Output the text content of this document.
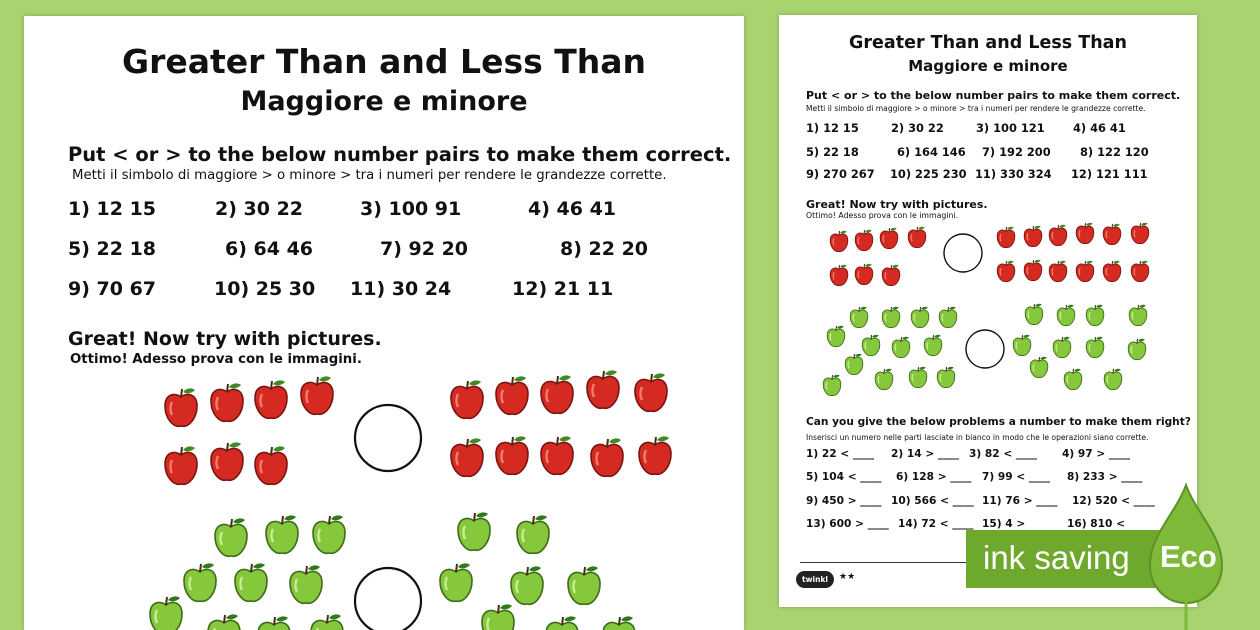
Greater Than and Less Than
Maggiore e minore
Put < or > to the below number pairs to make them correct.
Metti il simbolo di maggiore > o minore > tra i numeri per rendere le grandezze corrette.
1) 12 15	2) 30 22	3) 100 91	4) 46 41
5) 22 18	6) 64 46	7) 92 20	8) 22 20
9) 70 67	10) 25 30 11) 30 24	12) 21 11
Great! Now try with pictures.
Ottimo! Adesso prova con le immagini.
Greater Than and Less Than
Maggiore e minore
Put < or > to the below number pairs to make them correct.
Metti il simbolo di maggiore > o minore > tra i numeri per rendere le grandezze corrette.
1) 12 15	2) 30 22	3) 100 121 4) 46 41
5) 22 18	6) 164 146 7) 192 200	8) 122 120
9) 270 267 10) 225 230 11) 330 324 12) 121 111
Great! Now try with pictures.
Ottimo! Adesso prova con le immagini.
Can you give the below problems a number to make them right?
Inserisci un numero nelle parti lasciate in bianco in modo che le operazioni siano corrette.
1) 22 < ____ 2) 14 > ____ 3) 82 < ____ 4) 97 > ____
5) 104 < ____ 6) 128 > ____ 7) 99 < ____ 8) 233 > ____
9) 450 > ____ 10) 566 < ____ 11) 76 > ____ 12) 520 < ____
13) 600 > ____ 14) 72 < ____ 15) 4 >	16) 810 <
twinkl	★★
ink saving Eco
